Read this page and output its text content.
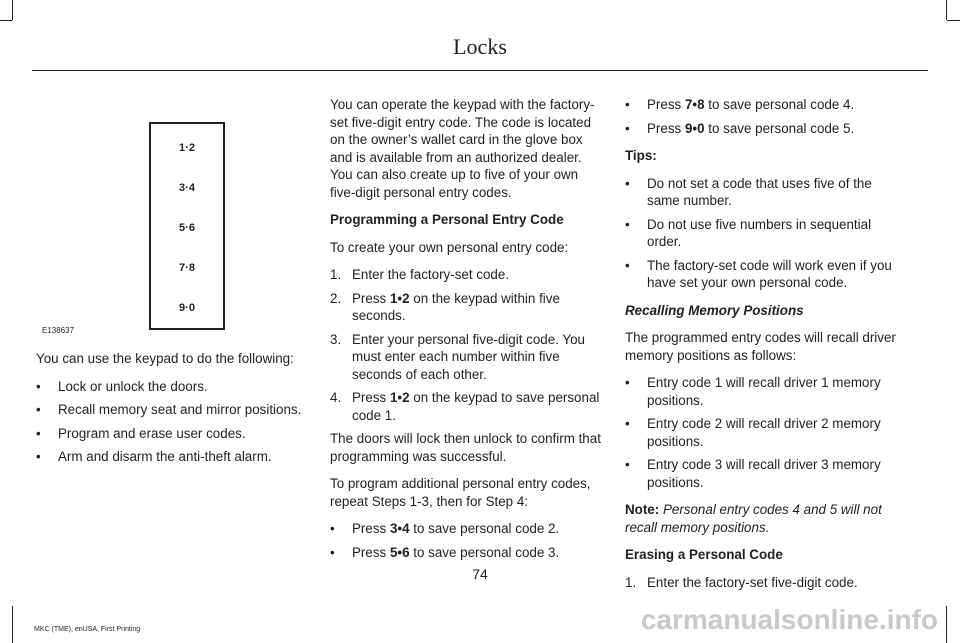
Locks
1·2
3·4
5·6
7·8
9·0
E138637

You can use the keypad to do the following:

• Lock or unlock the doors.
• Recall memory seat and mirror positions.
• Program and erase user codes.
• Arm and disarm the anti-theft alarm.

You can operate the keypad with the factory-set five-digit entry code. The code is located on the owner’s wallet card in the glove box and is available from an authorized dealer. You can also create up to five of your own five-digit personal entry codes.

Programming a Personal Entry Code

To create your own personal entry code:

1. Enter the factory-set code.
2. Press 1•2 on the keypad within five seconds.
3. Enter your personal five-digit code. You must enter each number within five seconds of each other.
4. Press 1•2 on the keypad to save personal code 1.

The doors will lock then unlock to confirm that programming was successful.

To program additional personal entry codes, repeat Steps 1-3, then for Step 4:

• Press 3•4 to save personal code 2.
• Press 5•6 to save personal code 3.
• Press 7•8 to save personal code 4.
• Press 9•0 to save personal code 5.
Tips:
• Do not set a code that uses five of the same number.
• Do not use five numbers in sequential order.
• The factory-set code will work even if you have set your own personal code.
Recalling Memory Positions

The programmed entry codes will recall driver memory positions as follows:

• Entry code 1 will recall driver 1 memory positions.
• Entry code 2 will recall driver 2 memory positions.
• Entry code 3 will recall driver 3 memory positions.

Note: Personal entry codes 4 and 5 will not recall memory positions.

Erasing a Personal Code
1. Enter the factory-set five-digit code.
74
MKC (TME), enUSA, First Printing	carmanualsonline.info
